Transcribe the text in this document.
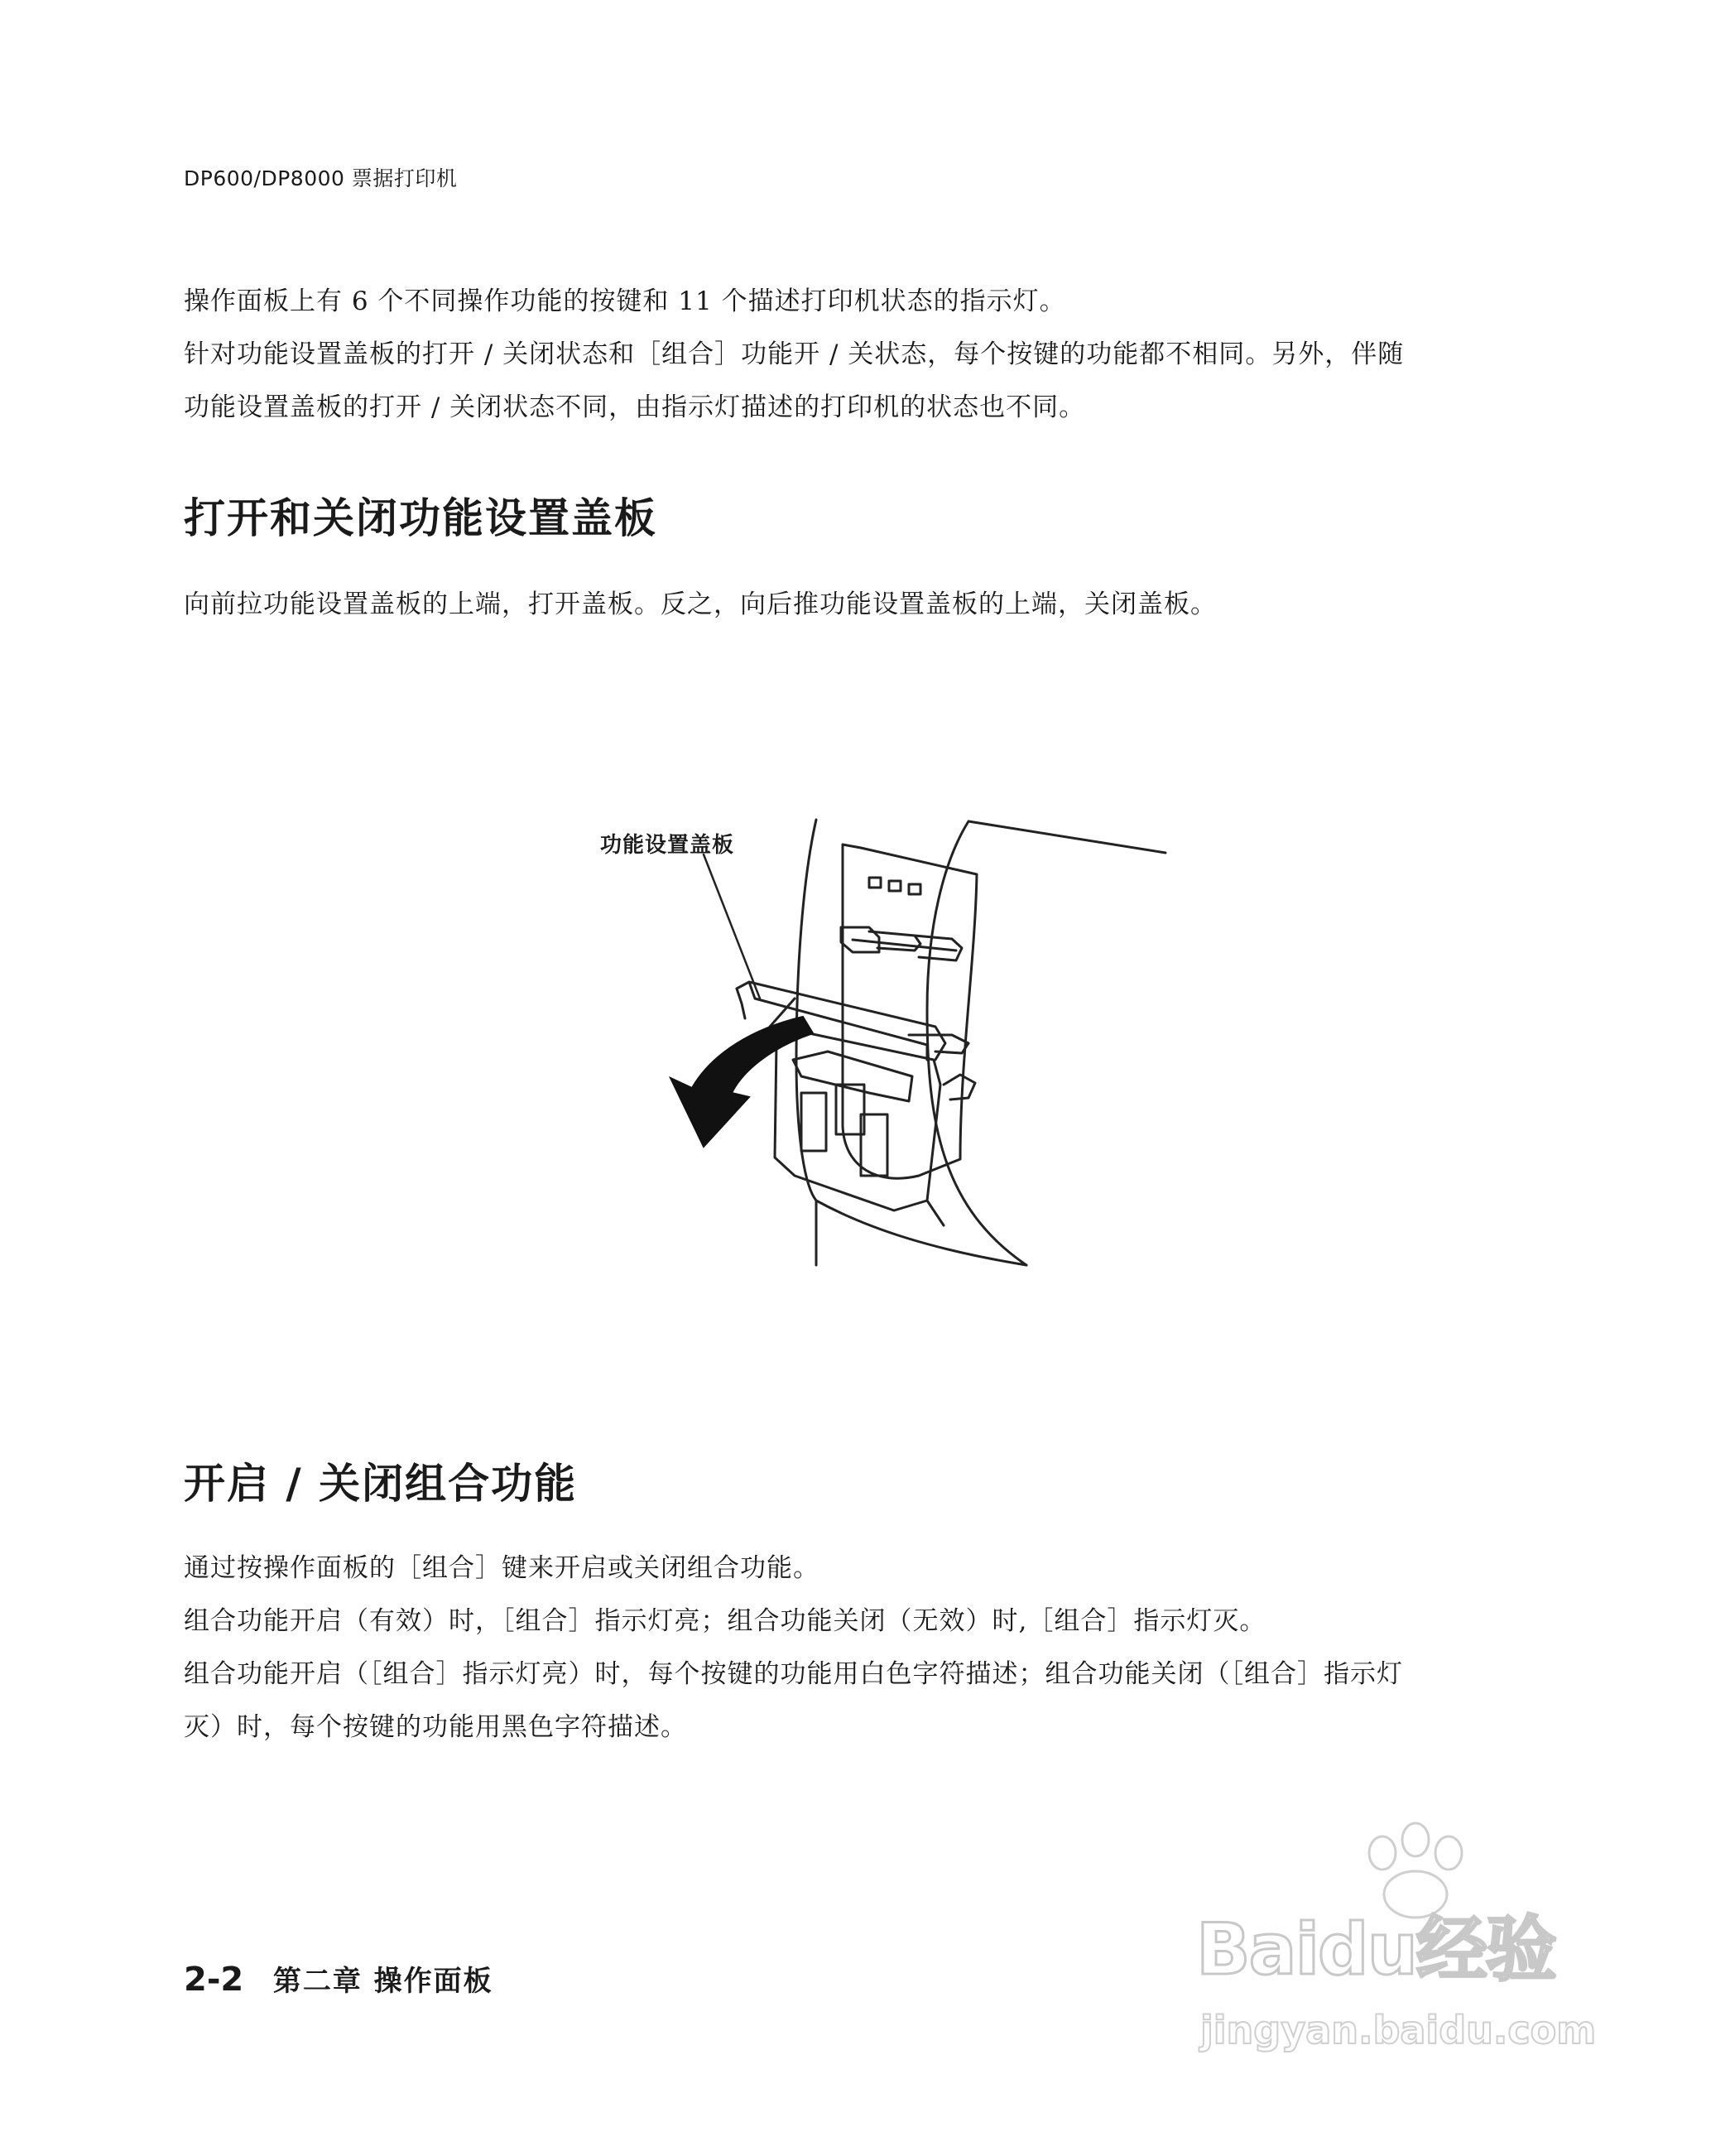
DP600/DP8000 票据打印机
操作面板上有 6 个不同操作功能的按键和 11 个描述打印机状态的指示灯。
针对功能设置盖板的打开 / 关闭状态和［组合］功能开 / 关状态，每个按键的功能都不相同。另外，伴随
功能设置盖板的打开 / 关闭状态不同，由指示灯描述的打印机的状态也不同。
打开和关闭功能设置盖板
向前拉功能设置盖板的上端，打开盖板。反之，向后推功能设置盖板的上端，关闭盖板。
功能设置盖板
开启 / 关闭组合功能
通过按操作面板的［组合］键来开启或关闭组合功能。
组合功能开启（有效）时，［组合］指示灯亮；组合功能关闭（无效）时,［组合］指示灯灭。
组合功能开启（［组合］指示灯亮）时，每个按键的功能用白色字符描述；组合功能关闭（［组合］指示灯
灭）时，每个按键的功能用黑色字符描述。
2-2 第二章 操作面板	Baidu经验
jingyan.baidu.com
